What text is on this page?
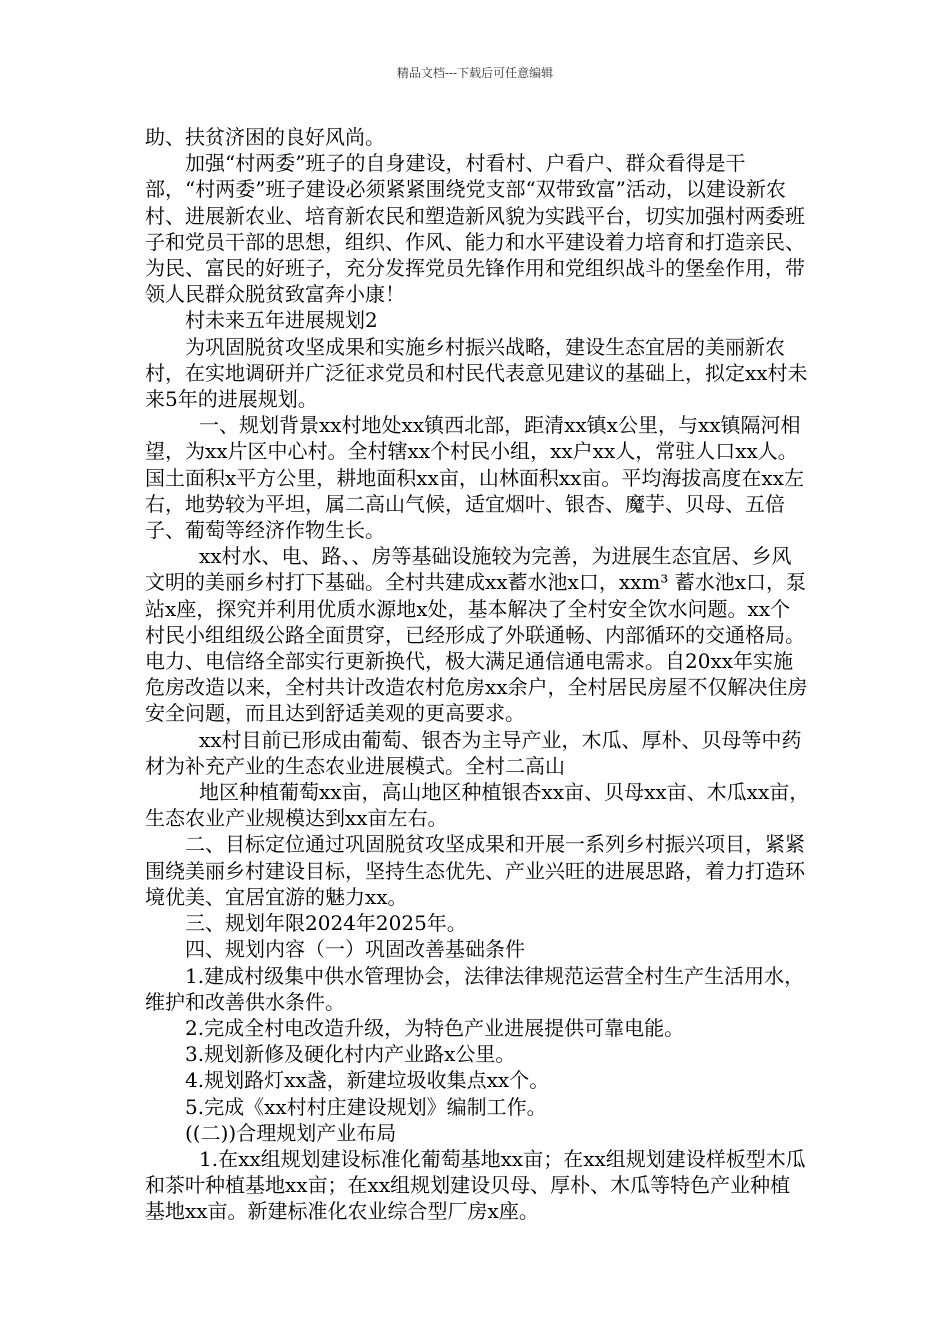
精品文档---下载后可任意编辑

助、扶贫济困的良好风尚。

加强“村两委”班子的自身建设，村看村、户看户、群众看得是干部，“村两委”班子建设必须紧紧围绕党支部“双带致富”活动，以建设新农村、进展新农业、培育新农民和塑造新风貌为实践平台，切实加强村两委班子和党员干部的思想，组织、作风、能力和水平建设着力培育和打造亲民、为民、富民的好班子，充分发挥党员先锋作用和党组织战斗的堡垒作用，带领人民群众脱贫致富奔小康！

村未来五年进展规划2

为巩固脱贫攻坚成果和实施乡村振兴战略，建设生态宜居的美丽新农村，在实地调研并广泛征求党员和村民代表意见建议的基础上，拟定xx村未来5年的进展规划。

一、规划背景xx村地处xx镇西北部，距清xx镇x公里，与xx镇隔河相望，为xx片区中心村。全村辖xx个村民小组，xx户xx人，常驻人口xx人。国土面积x平方公里，耕地面积xx亩，山林面积xx亩。平均海拔高度在xx左右，地势较为平坦，属二高山气候，适宜烟叶、银杏、魔芋、贝母、五倍子、葡萄等经济作物生长。

xx村水、电、路、、房等基础设施较为完善，为进展生态宜居、乡风文明的美丽乡村打下基础。全村共建成xx蓄水池x口，xxm³ 蓄水池x口，泵站x座，探究并利用优质水源地x处，基本解决了全村安全饮水问题。xx个村民小组组级公路全面贯穿，已经形成了外联通畅、内部循环的交通格局。电力、电信络全部实行更新换代，极大满足通信通电需求。自20xx年实施危房改造以来，全村共计改造农村危房xx余户，全村居民房屋不仅解决住房安全问题，而且达到舒适美观的更高要求。

xx村目前已形成由葡萄、银杏为主导产业，木瓜、厚朴、贝母等中药材为补充产业的生态农业进展模式。全村二高山

地区种植葡萄xx亩，高山地区种植银杏xx亩、贝母xx亩、木瓜xx亩，生态农业产业规模达到xx亩左右。

二、目标定位通过巩固脱贫攻坚成果和开展一系列乡村振兴项目，紧紧围绕美丽乡村建设目标，坚持生态优先、产业兴旺的进展思路，着力打造环境优美、宜居宜游的魅力xx。

三、规划年限2024年2025年。

四、规划内容（一）巩固改善基础条件

1.建成村级集中供水管理协会，法律法律规范运营全村生产生活用水，维护和改善供水条件。

2.完成全村电改造升级，为特色产业进展提供可靠电能。

3.规划新修及硬化村内产业路x公里。

4.规划路灯xx盏，新建垃圾收集点xx个。

5.完成《xx村村庄建设规划》编制工作。

((二))合理规划产业布局

1.在xx组规划建设标准化葡萄基地xx亩；在xx组规划建设样板型木瓜和茶叶种植基地xx亩；在xx组规划建设贝母、厚朴、木瓜等特色产业种植基地xx亩。新建标准化农业综合型厂房x座。
